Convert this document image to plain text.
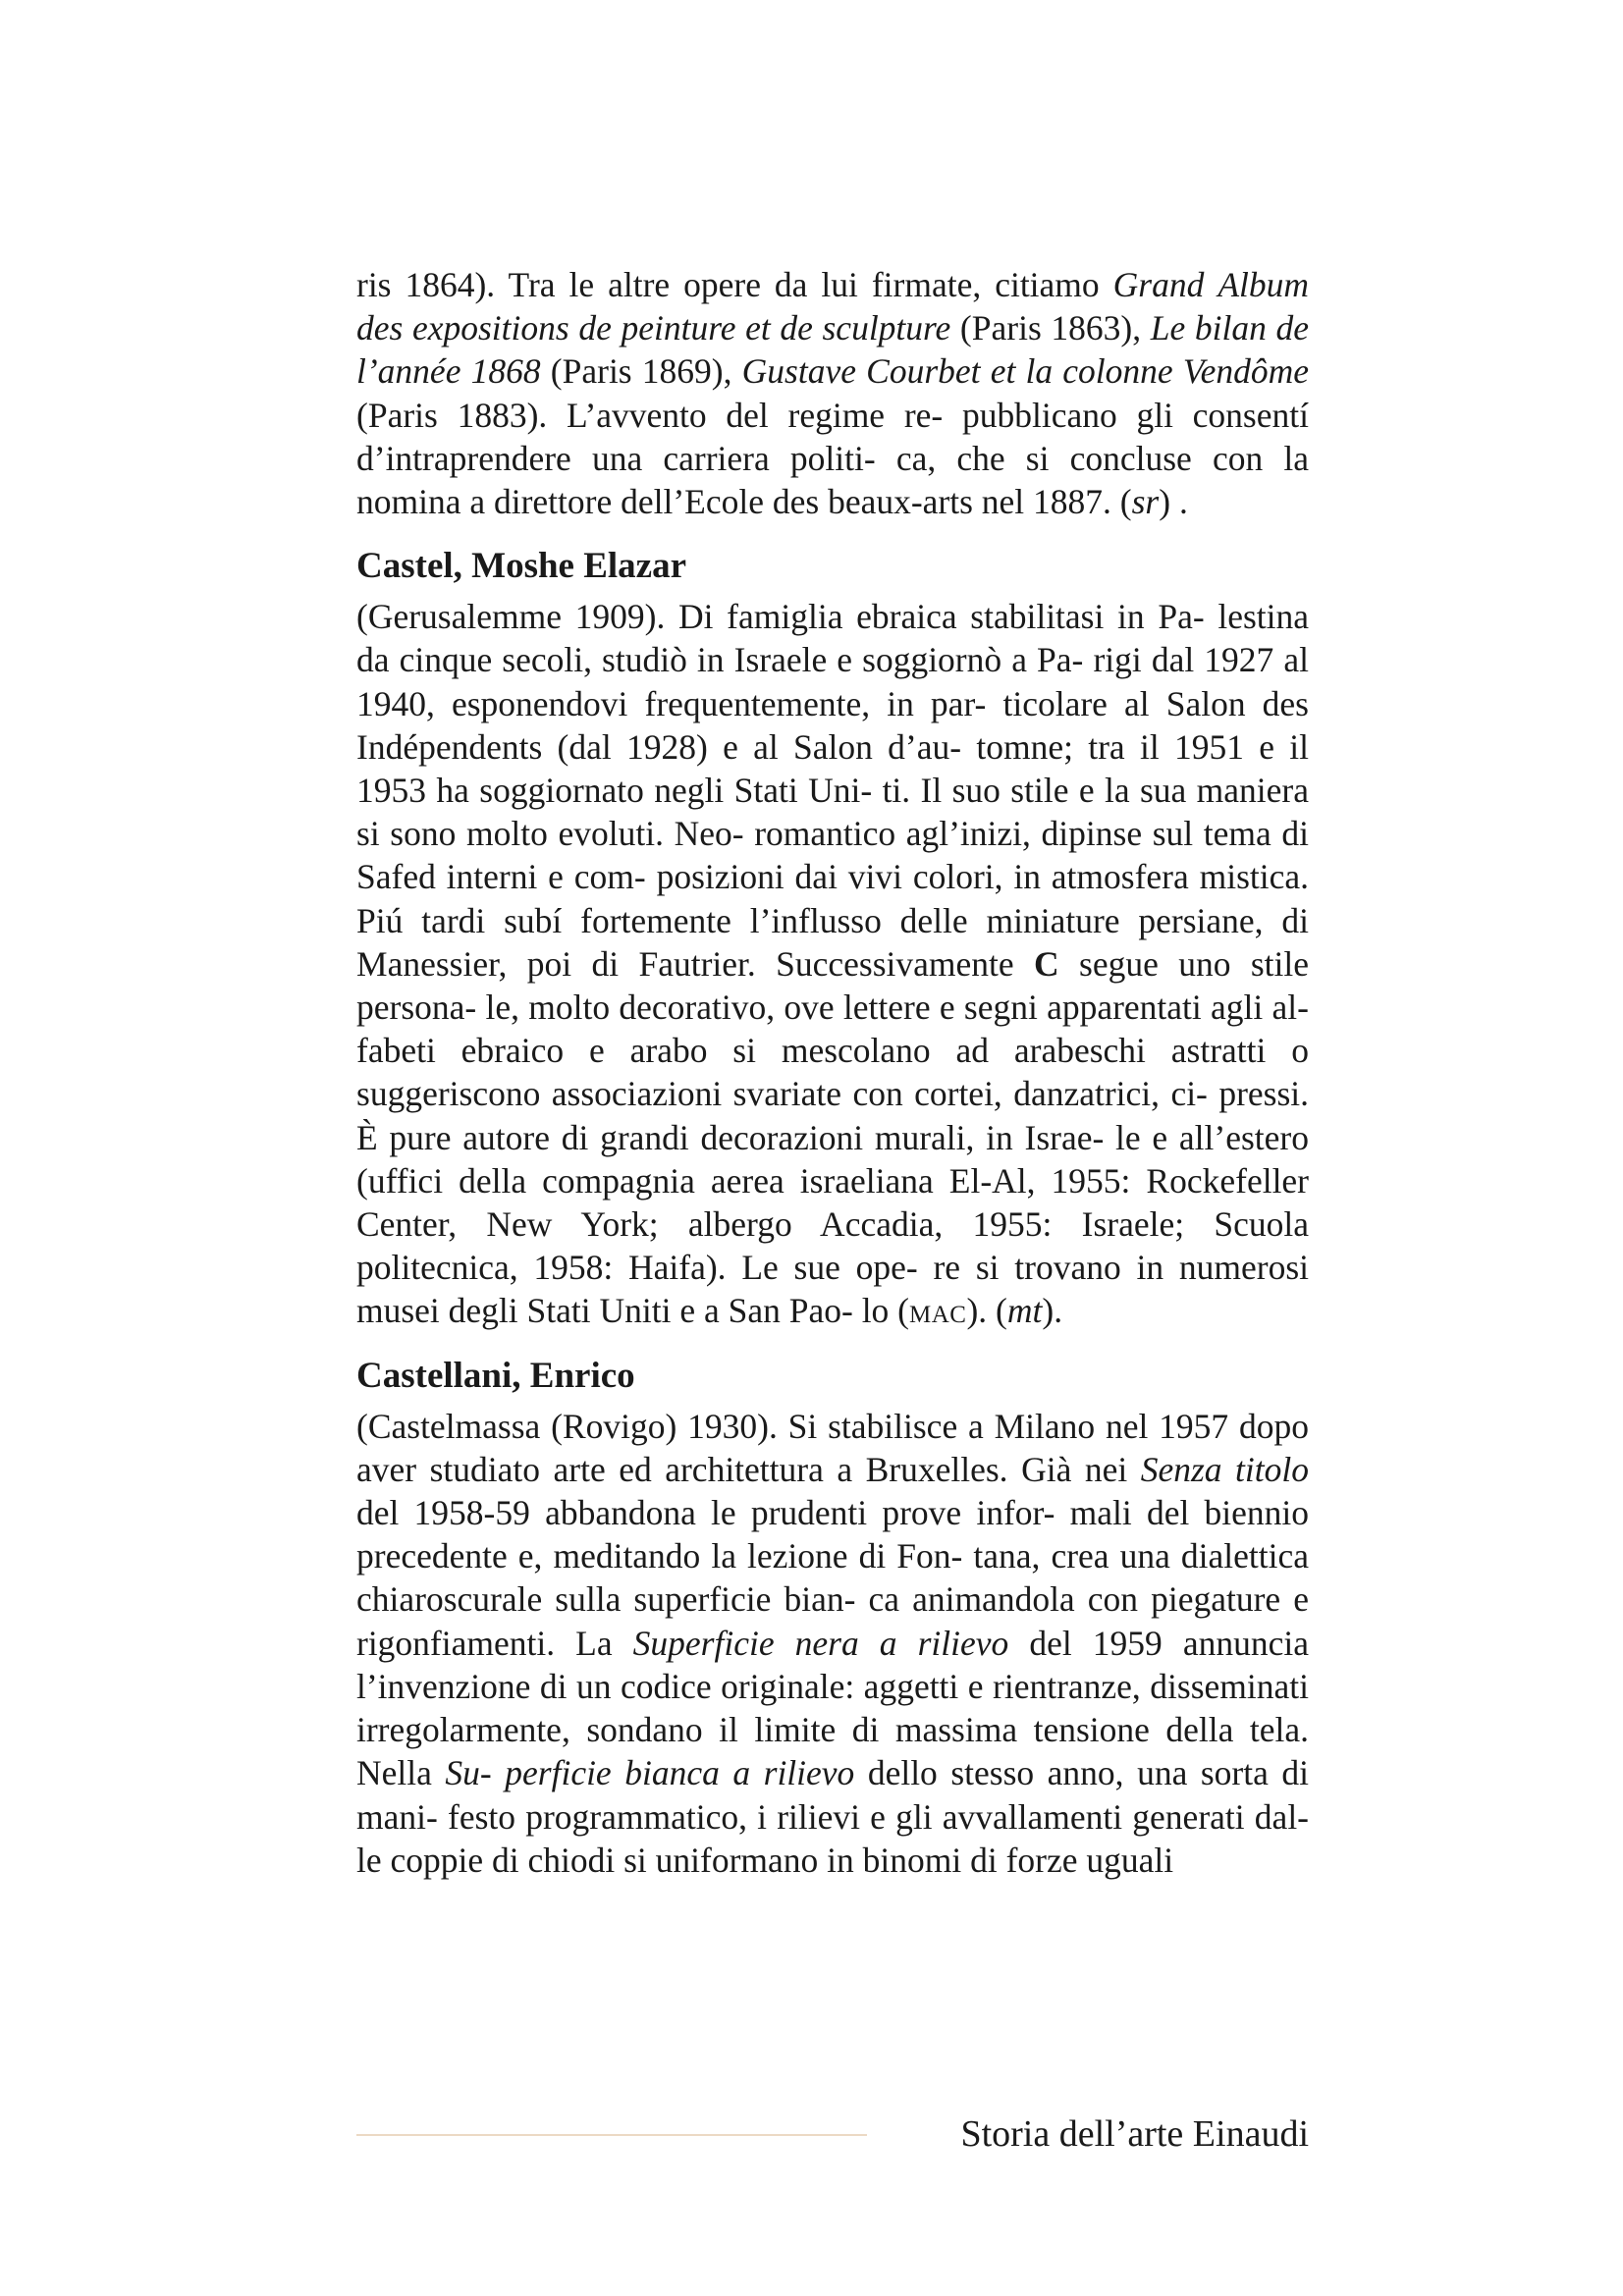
ris 1864). Tra le altre opere da lui firmate, citiamo Grand Album des expositions de peinture et de sculpture (Paris 1863), Le bilan de l’année 1868 (Paris 1869), Gustave Courbet et la colonne Vendôme (Paris 1883). L’avvento del regime re- pubblicano gli consentí d’intraprendere una carriera politi- ca, che si concluse con la nomina a direttore dell’Ecole des beaux-arts nel 1887. (sr) .

Castel, Moshe Elazar

(Gerusalemme 1909). Di famiglia ebraica stabilitasi in Pa- lestina da cinque secoli, studiò in Israele e soggiornò a Pa- rigi dal 1927 al 1940, esponendovi frequentemente, in par- ticolare al Salon des Indépendents (dal 1928) e al Salon d’au- tomne; tra il 1951 e il 1953 ha soggiornato negli Stati Uni- ti. Il suo stile e la sua maniera si sono molto evoluti. Neo- romantico agl’inizi, dipinse sul tema di Safed interni e com- posizioni dai vivi colori, in atmosfera mistica. Piú tardi subí fortemente l’influsso delle miniature persiane, di Manessier, poi di Fautrier. Successivamente C segue uno stile persona- le, molto decorativo, ove lettere e segni apparentati agli al- fabeti ebraico e arabo si mescolano ad arabeschi astratti o suggeriscono associazioni svariate con cortei, danzatrici, ci- pressi. È pure autore di grandi decorazioni murali, in Israe- le e all’estero (uffici della compagnia aerea israeliana El-Al, 1955: Rockefeller Center, New York; albergo Accadia, 1955: Israele; Scuola politecnica, 1958: Haifa). Le sue ope- re si trovano in numerosi musei degli Stati Uniti e a San Pao- lo (mac). (mt).

Castellani, Enrico

(Castelmassa (Rovigo) 1930). Si stabilisce a Milano nel 1957 dopo aver studiato arte ed architettura a Bruxelles. Già nei Senza titolo del 1958-59 abbandona le prudenti prove infor- mali del biennio precedente e, meditando la lezione di Fon- tana, crea una dialettica chiaroscurale sulla superficie bian- ca animandola con piegature e rigonfiamenti. La Superficie nera a rilievo del 1959 annuncia l’invenzione di un codice originale: aggetti e rientranze, disseminati irregolarmente, sondano il limite di massima tensione della tela. Nella Su- perficie bianca a rilievo dello stesso anno, una sorta di mani- festo programmatico, i rilievi e gli avvallamenti generati dal- le coppie di chiodi si uniformano in binomi di forze uguali

Storia dell’arte Einaudi
